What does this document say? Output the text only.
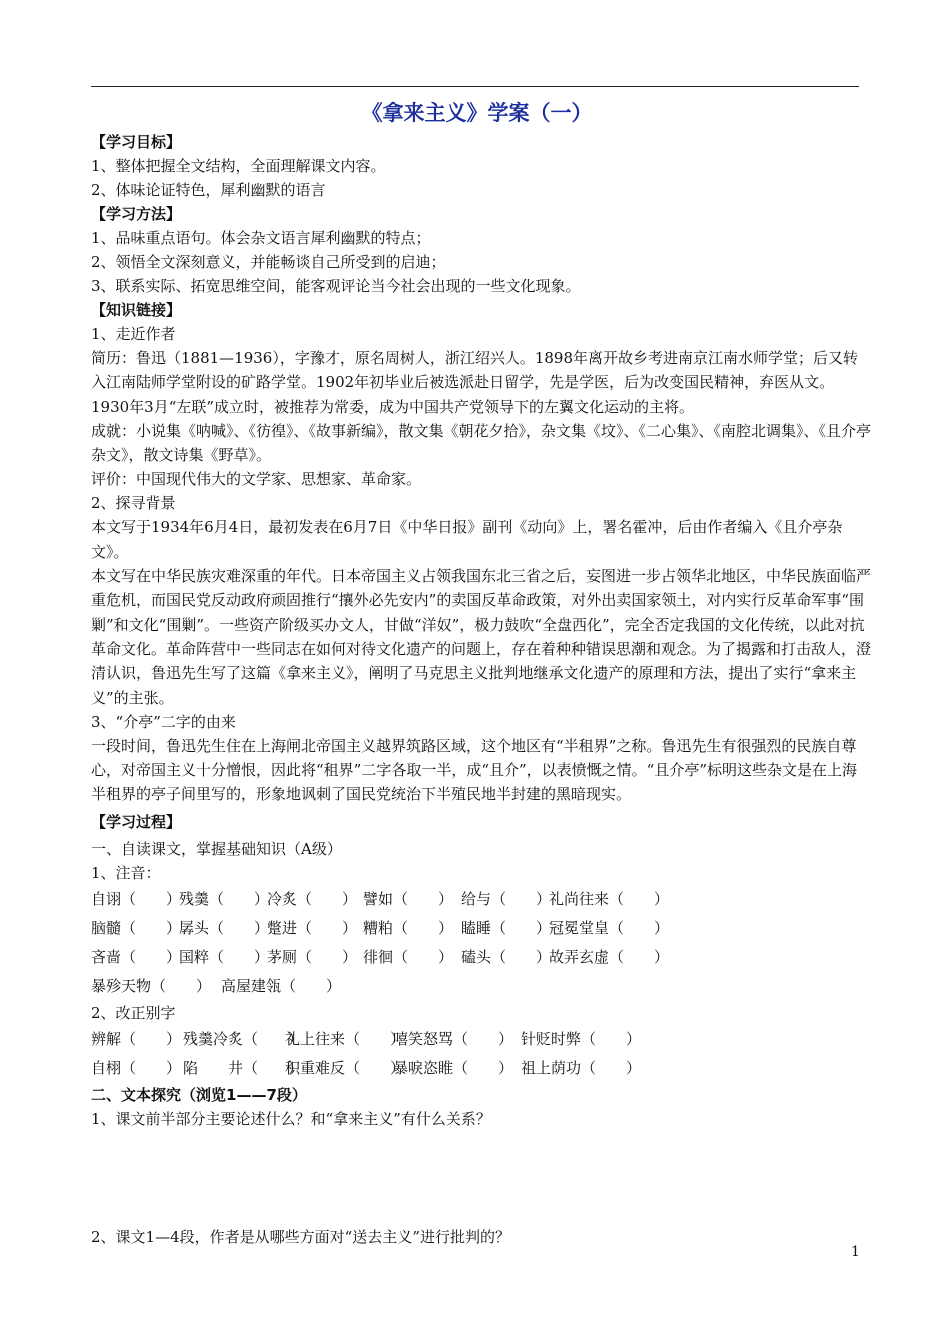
《拿来主义》学案（一）
【学习目标】
1、整体把握全文结构，全面理解课文内容。
2、体味论证特色，犀利幽默的语言
【学习方法】
1、品味重点语句。体会杂文语言犀利幽默的特点；
2、领悟全文深刻意义，并能畅谈自己所受到的启迪；
3、联系实际、拓宽思维空间，能客观评论当今社会出现的一些文化现象。
【知识链接】
1、走近作者
简历：鲁迅（1881—1936），字豫才，原名周树人，浙江绍兴人。1898年离开故乡考进南京江南水师学堂；后又转入江南陆师学堂附设的矿路学堂。1902年初毕业后被选派赴日留学，先是学医，后为改变国民精神，弃医从文。1930年3月“左联”成立时，被推荐为常委，成为中国共产党领导下的左翼文化运动的主将。
成就：小说集《呐喊》、《彷徨》、《故事新编》，散文集《朝花夕拾》，杂文集《坟》、《二心集》、《南腔北调集》、《且介亭杂文》，散文诗集《野草》。
评价：中国现代伟大的文学家、思想家、革命家。
2、探寻背景
本文写于1934年6月4日，最初发表在6月7日《中华日报》副刊《动向》上，署名霍冲，后由作者编入《且介亭杂文》。
本文写在中华民族灾难深重的年代。日本帝国主义占领我国东北三省之后，妄图进一步占领华北地区，中华民族面临严重危机，而国民党反动政府顽固推行“攘外必先安内”的卖国反革命政策，对外出卖国家领土，对内实行反革命军事“围剿”和文化“围剿”。一些资产阶级买办文人，甘做“洋奴”，极力鼓吹“全盘西化”，完全否定我国的文化传统，以此对抗革命文化。革命阵营中一些同志在如何对待文化遗产的问题上，存在着种种错误思潮和观念。为了揭露和打击敌人，澄清认识，鲁迅先生写了这篇《拿来主义》，阐明了马克思主义批判地继承文化遗产的原理和方法，提出了实行“拿来主义”的主张。
3、“介亭”二字的由来
一段时间，鲁迅先生住在上海闸北帝国主义越界筑路区域，这个地区有“半租界”之称。鲁迅先生有很强烈的民族自尊心，对帝国主义十分憎恨，因此将“租界”二字各取一半，成“且介”，以表愤慨之情。“且介亭”标明这些杂文是在上海半租界的亭子间里写的，形象地讽刺了国民党统治下半殖民地半封建的黑暗现实。
【学习过程】
一、自读课文，掌握基础知识（A级）
1、注音：
自诩（　　）残羹（　　）冷炙（　　） 譬如（　　） 给与（　　）礼尚往来（　　）
脑髓（　　）孱头（　　）蹩进（　　） 糟粕（　　） 瞌睡（　　）冠冕堂皇（　　）
吝啬（　　）国粹（　　）茅厕（　　） 徘徊（　　） 磕头（　　）故弄玄虚（　　）
暴殄天物（　　） 高屋建瓴（　　）
2、改正别字
辨解（　　） 残羹冷炙（　　）礼上往来（　　）嘻笑怒骂（　　） 针贬时弊（　　）
自栩（　　） 陷　　井（　　）积重难反（　　）暴唳恣睢（　　） 祖上荫功（　　）
二、文本探究（浏览1——7段）
1、课文前半部分主要论述什么？和“拿来主义”有什么关系？
2、课文1—4段，作者是从哪些方面对“送去主义”进行批判的？
1
